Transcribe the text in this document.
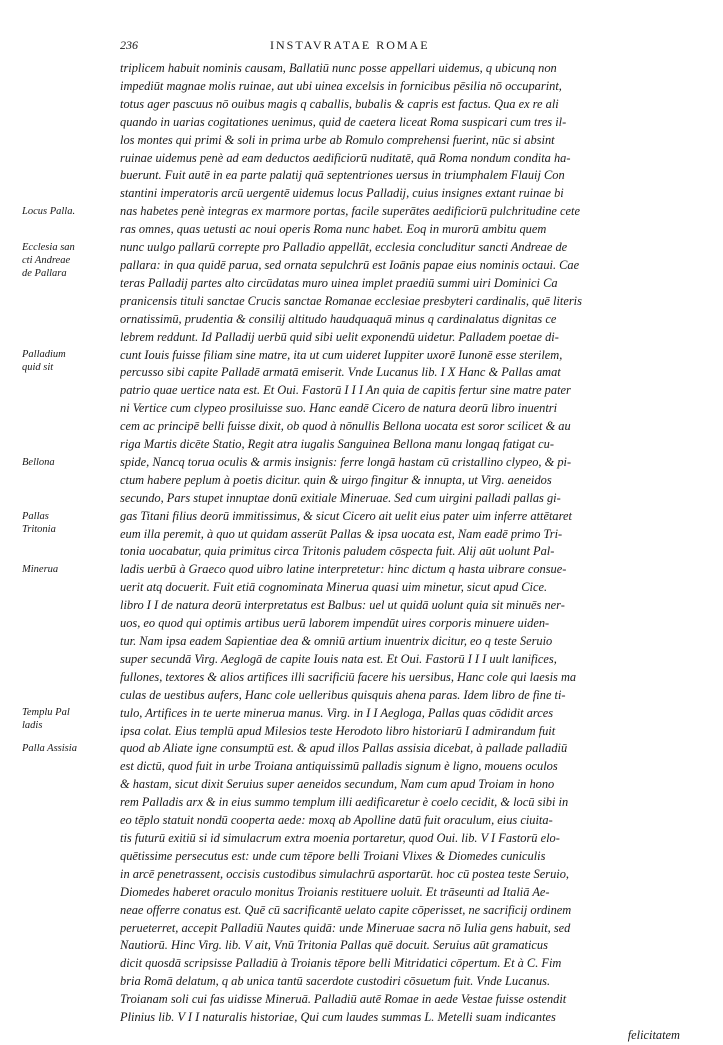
236	INSTAVRATAE ROMAE
Locus Palla.
Ecclesia san
cti Andreae
de Pallara
Palladium
quid sit
Bellona
Pallas
Tritonia
Minerua
Templu Pal
ladis
Palla Assisia
triplicem habuit nominis causam, Ballatiū nunc posse appellari uidemus, q ubicunq non
impediūt magnae molis ruinae, aut ubi uinea excelsis in fornicibus pēsilia nō occuparint,
totus ager pascuus nō ouibus magis q caballis, bubalis & capris est factus. Qua ex re ali
quando in uarias cogitationes uenimus, quid de caetera liceat Roma suspicari cum tres il-
los montes qui primi & soli in prima urbe ab Romulo comprehensi fuerint, nūc si absint
ruinae uidemus penè ad eam deductos aedificiorū nuditatē, quā Roma nondum condita ha-
buerunt. Fuit autē in ea parte palatij quā septentriones uersus in triumphalem Flauij Con
stantini imperatoris arcū uergentē uidemus locus Palladij, cuius insignes extant ruinae bi
nas habetes penè integras ex marmore portas, facile superātes aedificiorū pulchritudine cete
ras omnes, quas uetusti ac noui operis Roma nunc habet. Eoq in murorū ambitu quem
nunc uulgo pallarū correpte pro Palladio appellāt, ecclesia concluditur sancti Andreae de
pallara: in qua quidē parua, sed ornata sepulchrū est Ioānis papae eius nominis octaui. Cae
teras Palladij partes alto circūdatas muro uinea implet praediū summi uiri Dominici Ca
pranicensis tituli sanctae Crucis sanctae Romanae ecclesiae presbyteri cardinalis, quē literis
ornatissimū, prudentia & consilij altitudo haudquaquā minus q cardinalatus dignitas ce
lebrem reddunt. Id Palladij uerbū quid sibi uelit exponendū uidetur. Palladem poetae di-
cunt Iouis fuisse filiam sine matre, ita ut cum uideret Iuppiter uxorē Iunonē esse sterilem,
percusso sibi capite Palladē armatā emiserit. Vnde Lucanus lib. I X Hanc & Pallas amat
patrio quae uertice nata est. Et Oui. Fastorū I I I An quia de capitis fertur sine matre pater
ni Vertice cum clypeo prosiluisse suo. Hanc eandē Cicero de natura deorū libro inuentri
cem ac principē belli fuisse dixit, ob quod à nōnullis Bellona uocata est soror scilicet & au
riga Martis dicēte Statio, Regit atra iugalis Sanguinea Bellona manu longaq fatigat cu-
spide, Nancq torua oculis & armis insignis: ferre longā hastam cū cristallino clypeo, & pi-
ctum habere peplum à poetis dicitur. quin & uirgo fingitur & innupta, ut Virg. aeneidos
secundo, Pars stupet innuptae donū exitiale Mineruae. Sed cum uirgini palladi pallas gi-
gas Titani filius deorū immitissimus, & sicut Cicero ait uelit eius pater uim inferre attētaret
eum illa peremit, à quo ut quidam asserūt Pallas & ipsa uocata est, Nam eadē primo Tri-
tonia uocabatur, quia primitus circa Tritonis paludem cōspecta fuit. Alij aūt uolunt Pal-
ladis uerbū à Graeco quod uibro latine interpretetur: hinc dictum q hasta uibrare consue-
uerit atq docuerit. Fuit etiā cognominata Minerua quasi uim minetur, sicut apud Cice.
libro I I de natura deorū interpretatus est Balbus: uel ut quidā uolunt quia sit minuēs ner-
uos, eo quod qui optimis artibus uerū laborem impendūt uires corporis minuere uiden-
tur. Nam ipsa eadem Sapientiae dea & omniū artium inuentrix dicitur, eo q teste Seruio
super secundā Virg. Aeglogā de capite Iouis nata est. Et Oui. Fastorū I I I uult lanifices,
fullones, textores & alios artifices illi sacrificiū facere his uersibus, Hanc cole qui laesis ma
culas de uestibus aufers, Hanc cole uelleribus quisquis ahena paras. Idem libro de fine ti-
tulo, Artifices in te uerte minerua manus. Virg. in I I Aegloga, Pallas quas cōdidit arces
ipsa colat. Eius templū apud Milesios teste Herodoto libro historiarū I admirandum fuit
quod ab Aliate igne consumptū est. & apud illos Pallas assisia dicebat, à pallade palladiū
est dictū, quod fuit in urbe Troiana antiquissimū palladis signum è ligno, mouens oculos
& hastam, sicut dixit Seruius super aeneidos secundum, Nam cum apud Troiam in hono
rem Palladis arx & in eius summo templum illi aedificaretur è coelo cecidit, & locū sibi in
eo tēplo statuit nondū cooperta aede: moxq ab Apolline datū fuit oraculum, eius ciuita-
tis futurū exitiū si id simulacrum extra moenia portaretur, quod Oui. lib. V I Fastorū elo-
quētissime persecutus est: unde cum tēpore belli Troiani Vlixes & Diomedes cuniculis
in arcē penetrassent, occisis custodibus simulachrū asportarūt. hoc cū postea teste Seruio,
Diomedes haberet oraculo monitus Troianis restituere uoluit. Et trāseunti ad Italiā Ae-
neae offerre conatus est. Quē cū sacrificantē uelato capite cōperisset, ne sacrificij ordinem
perueterret, accepit Palladiū Nautes quidā: unde Mineruae sacra nō Iulia gens habuit, sed
Nautiorū. Hinc Virg. lib. V ait, Vnū Tritonia Pallas quē docuit. Seruius aūt gramaticus
dicit quosdā scripsisse Palladiū à Troianis tēpore belli Mitridatici cōpertum. Et à C. Fim
bria Romā delatum, q ab unica tantū sacerdote custodiri cōsuetum fuit. Vnde Lucanus.
Troianam soli cui fas uidisse Mineruā. Palladiū autē Romae in aede Vestae fuisse ostendit
Plinius lib. V I I naturalis historiae, Qui cum laudes summas L. Metelli suam indicantes
felicitatem
